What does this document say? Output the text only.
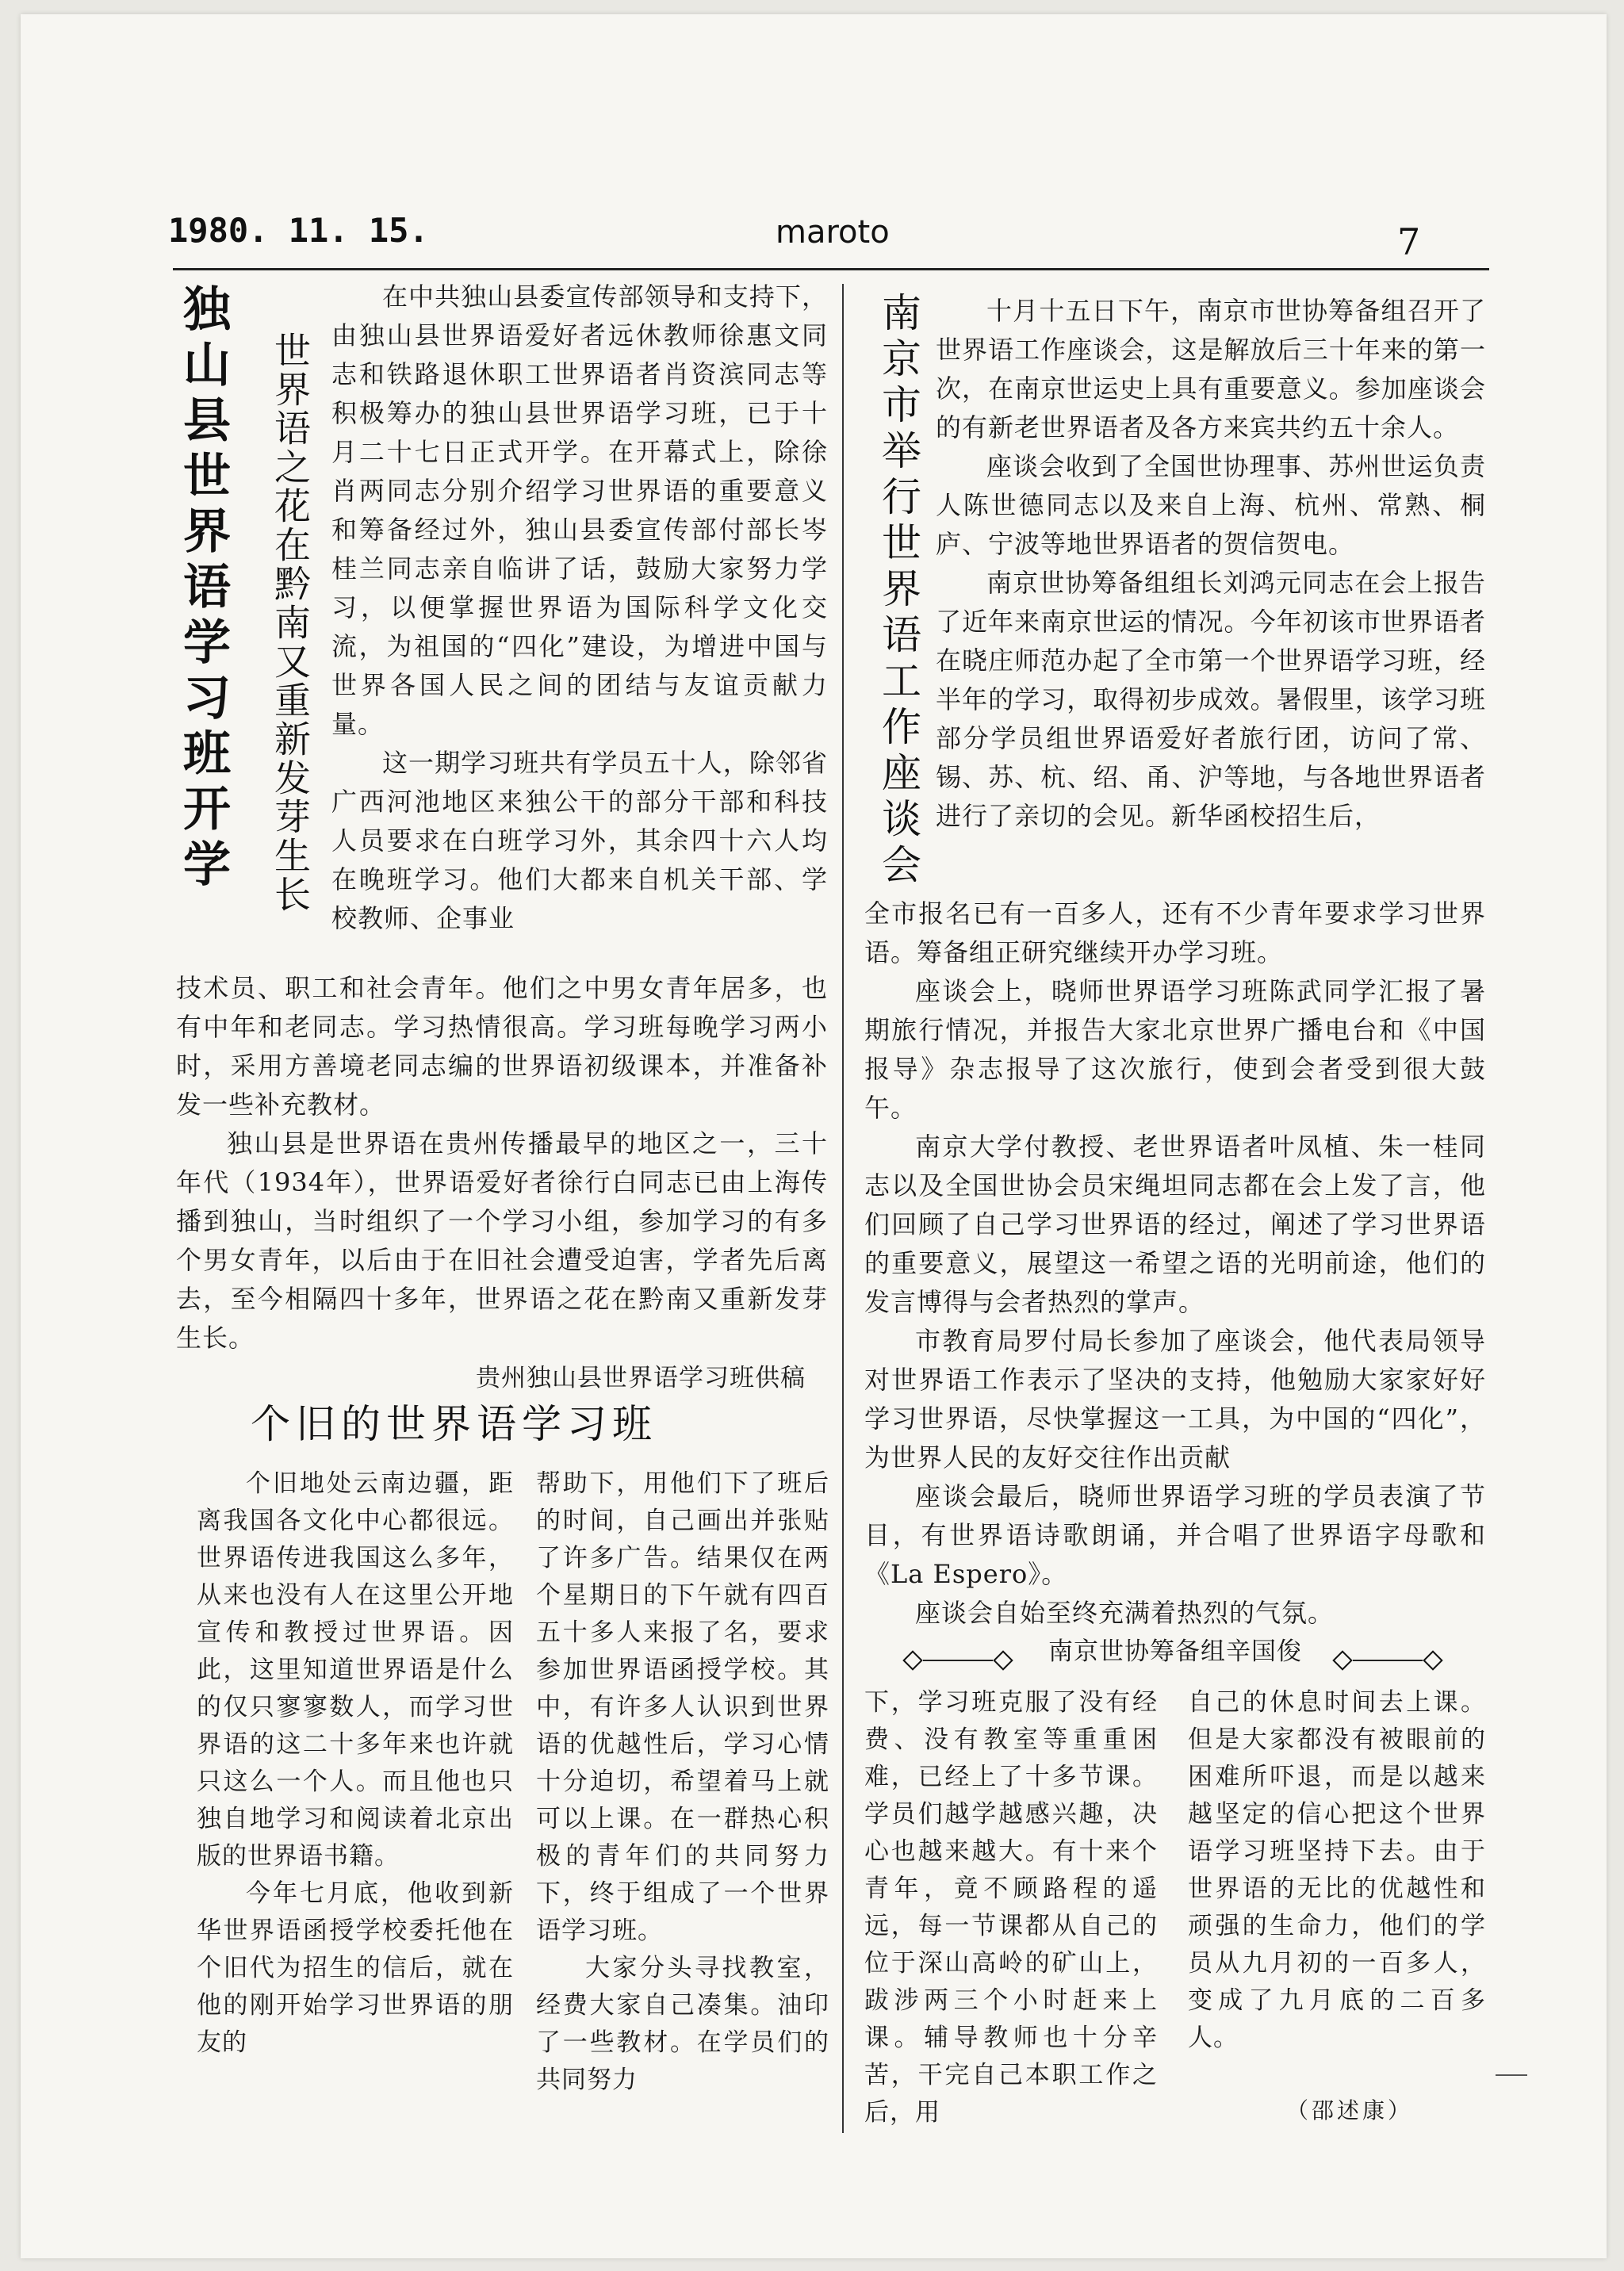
1980. 11. 15.	maroto	7
独山县世界语学习班开学 世界语之花在黔南又重新发芽生长

在中共独山县委宣传部领导和支持下，由独山县世界语爱好者远休教师徐惠文同志和铁路退休职工世界语者肖资滨同志等积极筹办的独山县世界语学习班，已于十月二十七日正式开学。在开幕式上，除徐肖两同志分别介绍学习世界语的重要意义和筹备经过外，独山县委宣传部付部长岑桂兰同志亲自临讲了话，鼓励大家努力学习，以便掌握世界语为国际科学文化交流，为祖国的“四化”建设，为增进中国与世界各国人民之间的团结与友谊贡献力量。

这一期学习班共有学员五十人，除邻省广西河池地区来独公干的部分干部和科技人员要求在白班学习外，其余四十六人均在晚班学习。他们大都来自机关干部、学校教师、企事业

技术员、职工和社会青年。他们之中男女青年居多，也有中年和老同志。学习热情很高。学习班每晚学习两小时，采用方善境老同志编的世界语初级课本，并准备补发一些补充教材。

独山县是世界语在贵州传播最早的地区之一，三十年代（1934年），世界语爱好者徐行白同志已由上海传播到独山，当时组织了一个学习小组，参加学习的有多个男女青年，以后由于在旧社会遭受迫害，学者先后离去，至今相隔四十多年，世界语之花在黔南又重新发芽生长。

贵州独山县世界语学习班供稿

个旧的世界语学习班

个旧地处云南边疆，距离我国各文化中心都很远。世界语传进我国这么多年，从来也没有人在这里公开地宣传和教授过世界语。因此，这里知道世界语是什么的仅只寥寥数人，而学习世界语的这二十多年来也许就只这么一个人。而且他也只独自地学习和阅读着北京出版的世界语书籍。

今年七月底，他收到新华世界语函授学校委托他在个旧代为招生的信后，就在他的刚开始学习世界语的朋友的

帮助下，用他们下了班后的时间，自己画出并张贴了许多广告。结果仅在两个星期日的下午就有四百五十多人来报了名，要求参加世界语函授学校。其中，有许多人认识到世界语的优越性后，学习心情十分迫切，希望着马上就可以上课。在一群热心积极的青年们的共同努力下，终于组成了一个世界语学习班。

大家分头寻找教室，经费大家自己凑集。油印了一些教材。在学员们的共同努力

南京市举行世界语工作座谈会	十月十五日下午，南京市世协筹备组召开了世界语工作座谈会，这是解放后三十年来的第一次，在南京世运史上具有重要意义。参加座谈会的有新老世界语者及各方来宾共约五十余人。

座谈会收到了全国世协理事、苏州世运负责人陈世德同志以及来自上海、杭州、常熟、桐庐、宁波等地世界语者的贺信贺电。

南京世协筹备组组长刘鸿元同志在会上报告了近年来南京世运的情况。今年初该市世界语者在晓庄师范办起了全市第一个世界语学习班，经半年的学习，取得初步成效。暑假里，该学习班部分学员组世界语爱好者旅行团，访问了常、锡、苏、杭、绍、甬、沪等地，与各地世界语者进行了亲切的会见。新华函校招生后，

全市报名已有一百多人，还有不少青年要求学习世界语。筹备组正研究继续开办学习班。

座谈会上，晓师世界语学习班陈武同学汇报了暑期旅行情况，并报告大家北京世界广播电台和《中国报导》杂志报导了这次旅行，使到会者受到很大鼓午。

南京大学付教授、老世界语者叶凤植、朱一桂同志以及全国世协会员宋绳坦同志都在会上发了言，他们回顾了自己学习世界语的经过，阐述了学习世界语的重要意义，展望这一希望之语的光明前途，他们的发言博得与会者热烈的掌声。

市教育局罗付局长参加了座谈会，他代表局领导对世界语工作表示了坚决的支持，他勉励大家家好好学习世界语，尽快掌握这一工具，为中国的“四化”，为世界人民的友好交往作出贡献

座谈会最后，晓师世界语学习班的学员表演了节目，有世界语诗歌朗诵，并合唱了世界语字母歌和《La Espero》。

座谈会自始至终充满着热烈的气氛。

南京世协筹备组辛国俊

下，学习班克服了没有经费、没有教室等重重困难，已经上了十多节课。学员们越学越感兴趣，决心也越来越大。有十来个青年，竟不顾路程的遥远，每一节课都从自己的位于深山高岭的矿山上，跋涉两三个小时赶来上课。辅导教师也十分辛苦，干完自己本职工作之后，用

自己的休息时间去上课。但是大家都没有被眼前的困难所吓退，而是以越来越坚定的信心把这个世界语学习班坚持下去。由于世界语的无比的优越性和顽强的生命力，他们的学员从九月初的一百多人，变成了九月底的二百多人。

（邵述康）
